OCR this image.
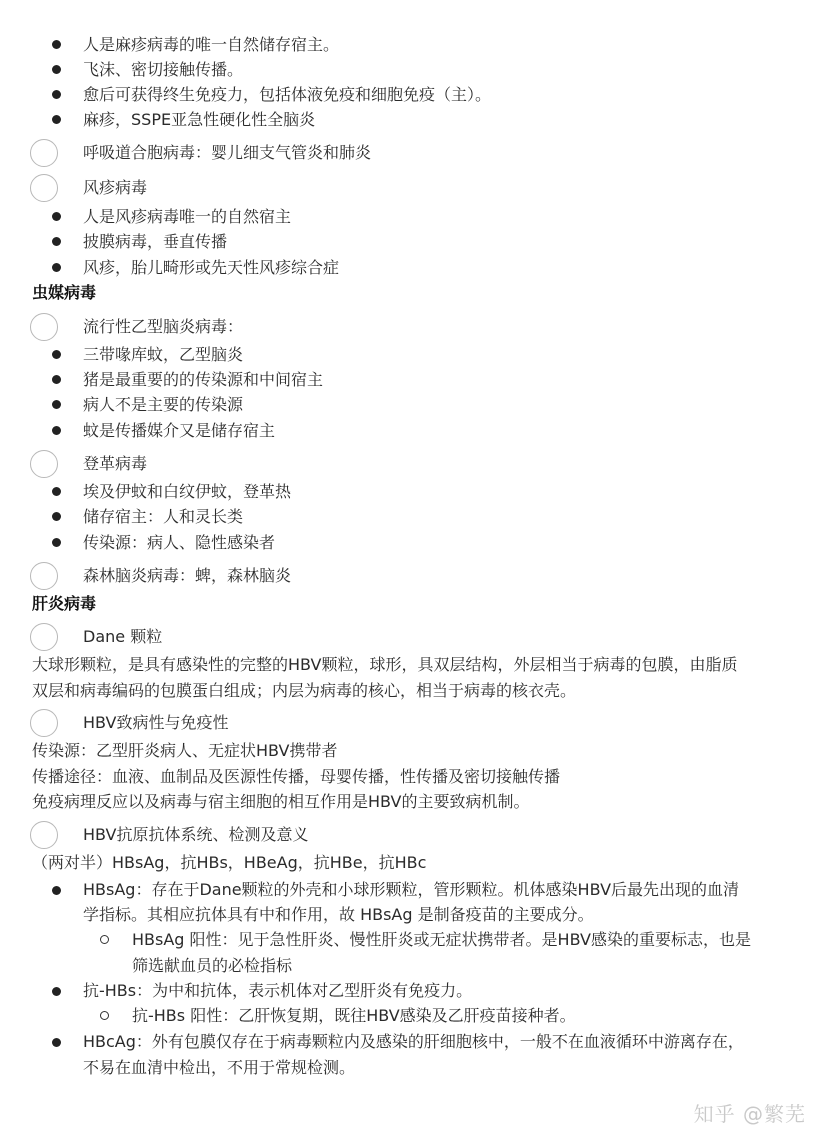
人是麻疹病毒的唯一自然储存宿主。
飞沫、密切接触传播。
愈后可获得终生免疫力，包括体液免疫和细胞免疫（主）。
麻疹，SSPE亚急性硬化性全脑炎
呼吸道合胞病毒：婴儿细支气管炎和肺炎
风疹病毒
人是风疹病毒唯一的自然宿主
披膜病毒，垂直传播
风疹，胎儿畸形或先天性风疹综合症
虫媒病毒
流行性乙型脑炎病毒：
三带喙库蚊，乙型脑炎
猪是最重要的的传染源和中间宿主
病人不是主要的传染源
蚊是传播媒介又是储存宿主
登革病毒
埃及伊蚊和白纹伊蚊，登革热
储存宿主：人和灵长类
传染源：病人、隐性感染者
森林脑炎病毒：蜱，森林脑炎
肝炎病毒
Dane 颗粒
大球形颗粒，是具有感染性的完整的HBV颗粒，球形，具双层结构，外层相当于病毒的包膜，由脂质
双层和病毒编码的包膜蛋白组成；内层为病毒的核心，相当于病毒的核衣壳。
HBV致病性与免疫性
传染源：乙型肝炎病人、无症状HBV携带者
传播途径：血液、血制品及医源性传播，母婴传播，性传播及密切接触传播
免疫病理反应以及病毒与宿主细胞的相互作用是HBV的主要致病机制。
HBV抗原抗体系统、检测及意义
（两对半）HBsAg，抗HBs，HBeAg，抗HBe，抗HBc
HBsAg：存在于Dane颗粒的外壳和小球形颗粒，管形颗粒。机体感染HBV后最先出现的血清
学指标。其相应抗体具有中和作用，故 HBsAg 是制备疫苗的主要成分。
HBsAg 阳性：见于急性肝炎、慢性肝炎或无症状携带者。是HBV感染的重要标志，也是
筛选献血员的必检指标
抗-HBs：为中和抗体，表示机体对乙型肝炎有免疫力。
抗-HBs 阳性：乙肝恢复期，既往HBV感染及乙肝疫苗接种者。
HBcAg：外有包膜仅存在于病毒颗粒内及感染的肝细胞核中，一般不在血液循环中游离存在，
不易在血清中检出，不用于常规检测。
知乎 @繁芜
